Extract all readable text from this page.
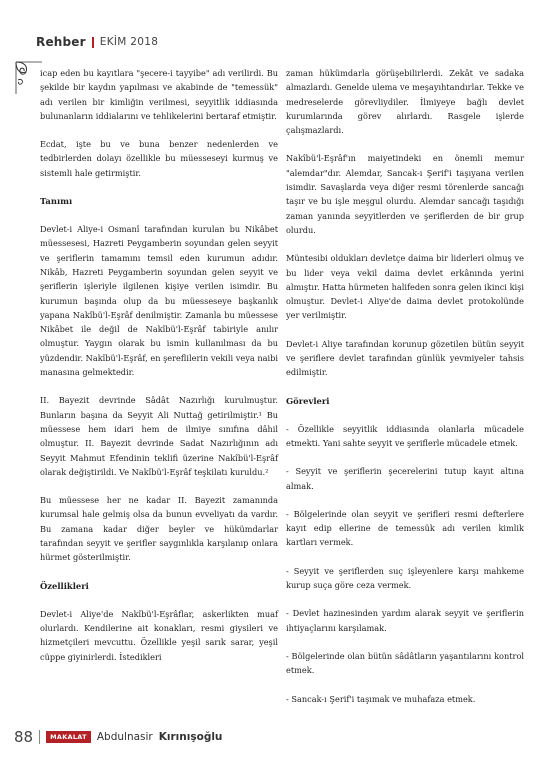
Rehber EKİM 2018

icap eden bu kayıtlara "şecere-i tayyibe" adı verilirdi. Bu şekilde bir kaydın yapılması ve akabinde de "temessük" adı verilen bir kimliğin verilmesi, seyyitlik iddiasında bulunanların iddialarını ve tehlikelerini bertaraf etmiştir.

Ecdat, işte bu ve buna benzer nedenlerden ve tedbirlerden dolayı özellikle bu müesseseyi kurmuş ve sistemli hale getirmiştir.

Tanımı

Devlet-i Aliye-i Osmanî tarafından kurulan bu Nikâbet müessesesi, Hazreti Peygamberin soyundan gelen seyyit ve şeriflerin tamamını temsil eden kurumun adıdır. Nikâb, Hazreti Peygamberin soyundan gelen seyyit ve şeriflerin işleriyle ilgilenen kişiye verilen isimdir. Bu kurumun başında olup da bu müesseseye başkanlık yapana Nakîbü'l-Eşrâf denilmiştir. Zamanla bu müessese Nikâbet ile değil de Nakîbü'l-Eşrâf tabiriyle anılır olmuştur. Yaygın olarak bu ismin kullanılması da bu yüzdendir. Nakîbü'l-Eşrâf, en şereflilerin vekili veya naibi manasına gelmektedir.

II. Bayezit devrinde Sâdât Nazırlığı kurulmuştur. Bunların başına da Seyyit Ali Nuttağ getirilmiştir.¹ Bu müessese hem idari hem de ilmiye sınıfına dâhil olmuştur. II. Bayezit devrinde Sadat Nazırlığının adı Seyyit Mahmut Efendinin teklifi üzerine Nakîbü'l-Eşrâf olarak değiştirildi. Ve Nakîbü'l-Eşrâf teşkilatı kuruldu.²

Bu müessese her ne kadar II. Bayezit zamanında kurumsal hale gelmiş olsa da bunun evveliyatı da vardır. Bu zamana kadar diğer beyler ve hükümdarlar tarafından seyyit ve şerifler saygınlıkla karşılanıp onlara hürmet gösterilmiştir.

Özellikleri

Devlet-i Aliye'de Nakîbü'l-Eşrâflar, askerlikten muaf olurlardı. Kendilerine ait konakları, resmi giysileri ve hizmetçileri mevcuttu. Özellikle yeşil sarık sarar, yeşil cüppe giyinirlerdi. İstedikleri

zaman hükümdarla görüşebilirlerdi. Zekât ve sadaka almazlardı. Genelde ulema ve meşayıhtandırlar. Tekke ve medreselerde görevliydiler. İlmiyeye bağlı devlet kurumlarında görev alırlardı. Rasgele işlerde çalışmazlardı.

Nakîbü'l-Eşrâf'ın maiyetindeki en önemli memur "alemdar"dır. Alemdar, Sancak-ı Şerif'i taşıyana verilen isimdir. Savaşlarda veya diğer resmi törenlerde sancağı taşır ve bu işle meşgul olurdu. Alemdar sancağı taşıdığı zaman yanında seyyitlerden ve şeriflerden de bir grup olurdu.

Müntesibi oldukları devletçe daima bir liderleri olmuş ve bu lider veya vekil daima devlet erkânında yerini almıştır. Hatta hürmeten halifeden sonra gelen ikinci kişi olmuştur. Devlet-i Aliye'de daima devlet protokolünde yer verilmiştir.

Devlet-i Aliye tarafından korunup gözetilen bütün seyyit ve şeriflere devlet tarafından günlük yevmiyeler tahsis edilmiştir.

Görevleri

- Özellikle seyyitlik iddiasında olanlarla mücadele etmekti. Yani sahte seyyit ve şeriflerle mücadele etmek.

- Seyyit ve şeriflerin şecerelerini tutup kayıt altına almak.

- Bölgelerinde olan seyyit ve şerifleri resmi defterlere kayıt edip ellerine de temessük adı verilen kimlik kartları vermek.

- Seyyit ve şeriflerden suç işleyenlere karşı mahkeme kurup suça göre ceza vermek.

- Devlet hazinesinden yardım alarak seyyit ve şeriflerin ihtiyaçlarını karşılamak.

- Bölgelerinde olan bütün sâdâtların yaşantılarını kontrol etmek.

- Sancak-ı Şerif'i taşımak ve muhafaza etmek.

88	MAKALAT Abdulnasir Kırınışoğlu
